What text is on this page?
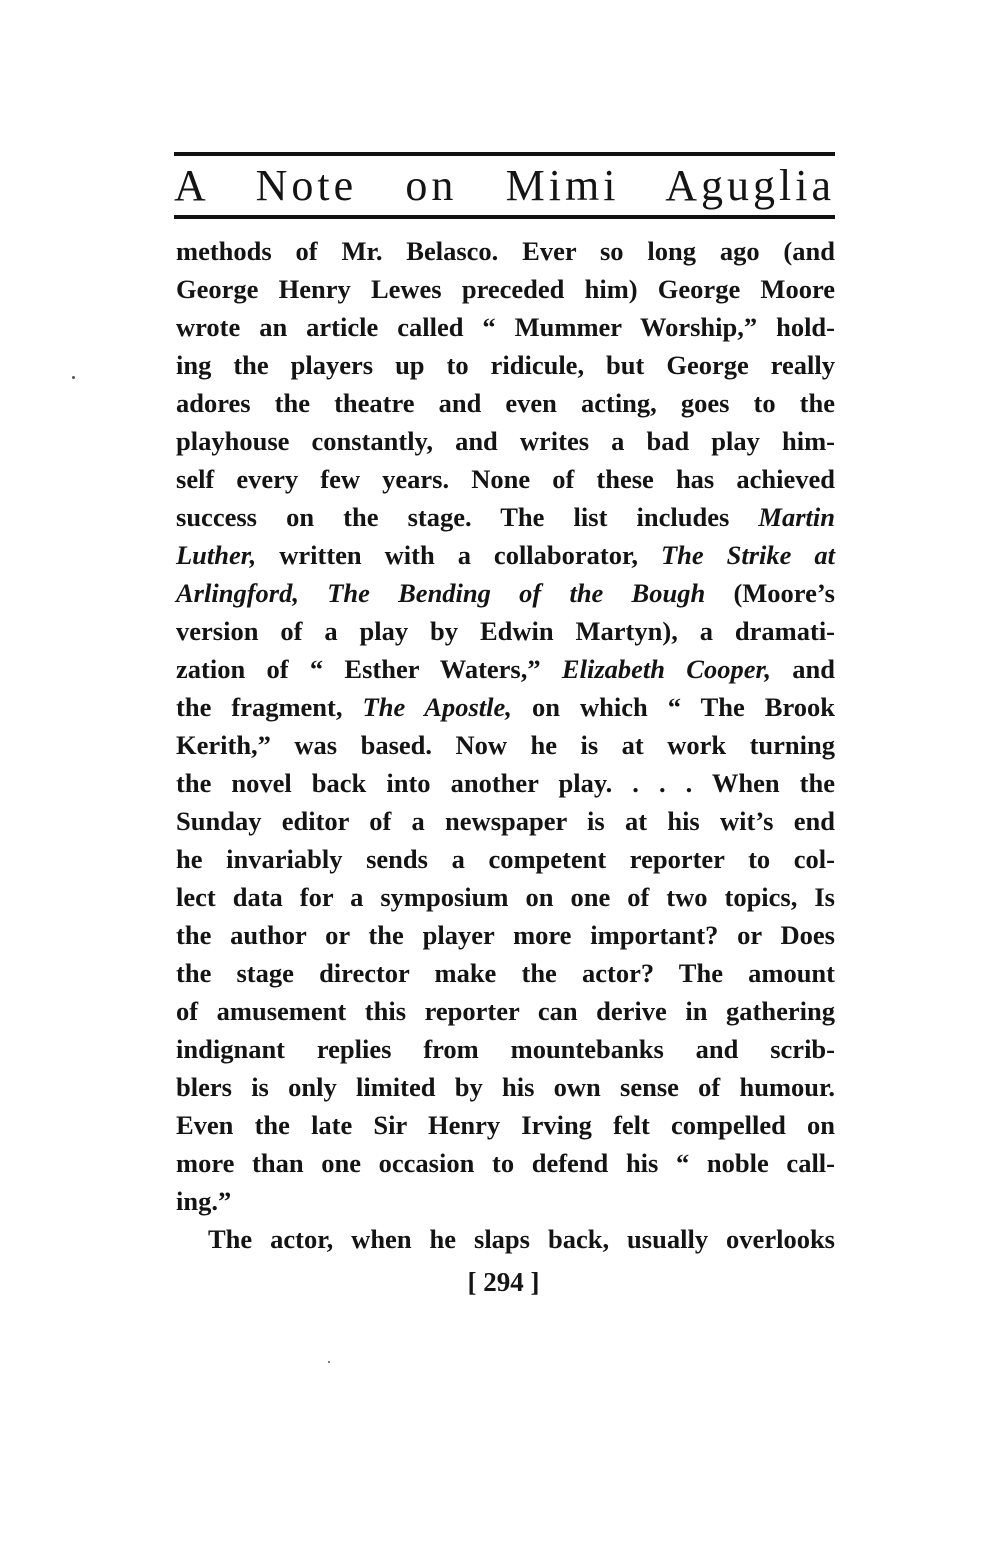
A Note on Mimi Aguglia
methods of Mr. Belasco. Ever so long ago (and
George Henry Lewes preceded him) George Moore
wrote an article called “ Mummer Worship,” hold-
ing the players up to ridicule, but George really
adores the theatre and even acting, goes to the
playhouse constantly, and writes a bad play him-
self every few years. None of these has achieved
success on the stage. The list includes Martin
Luther, written with a collaborator, The Strike at
Arlingford, The Bending of the Bough (Moore’s
version of a play by Edwin Martyn), a dramati-
zation of “ Esther Waters,” Elizabeth Cooper, and
the fragment, The Apostle, on which “ The Brook
Kerith,” was based. Now he is at work turning
the novel back into another play. . . . When the
Sunday editor of a newspaper is at his wit’s end
he invariably sends a competent reporter to col-
lect data for a symposium on one of two topics, Is
the author or the player more important? or Does
the stage director make the actor? The amount
of amusement this reporter can derive in gathering
indignant replies from mountebanks and scrib-
blers is only limited by his own sense of humour.
Even the late Sir Henry Irving felt compelled on
more than one occasion to defend his “ noble call-
ing.”
The actor, when he slaps back, usually overlooks
[ 294 ]
